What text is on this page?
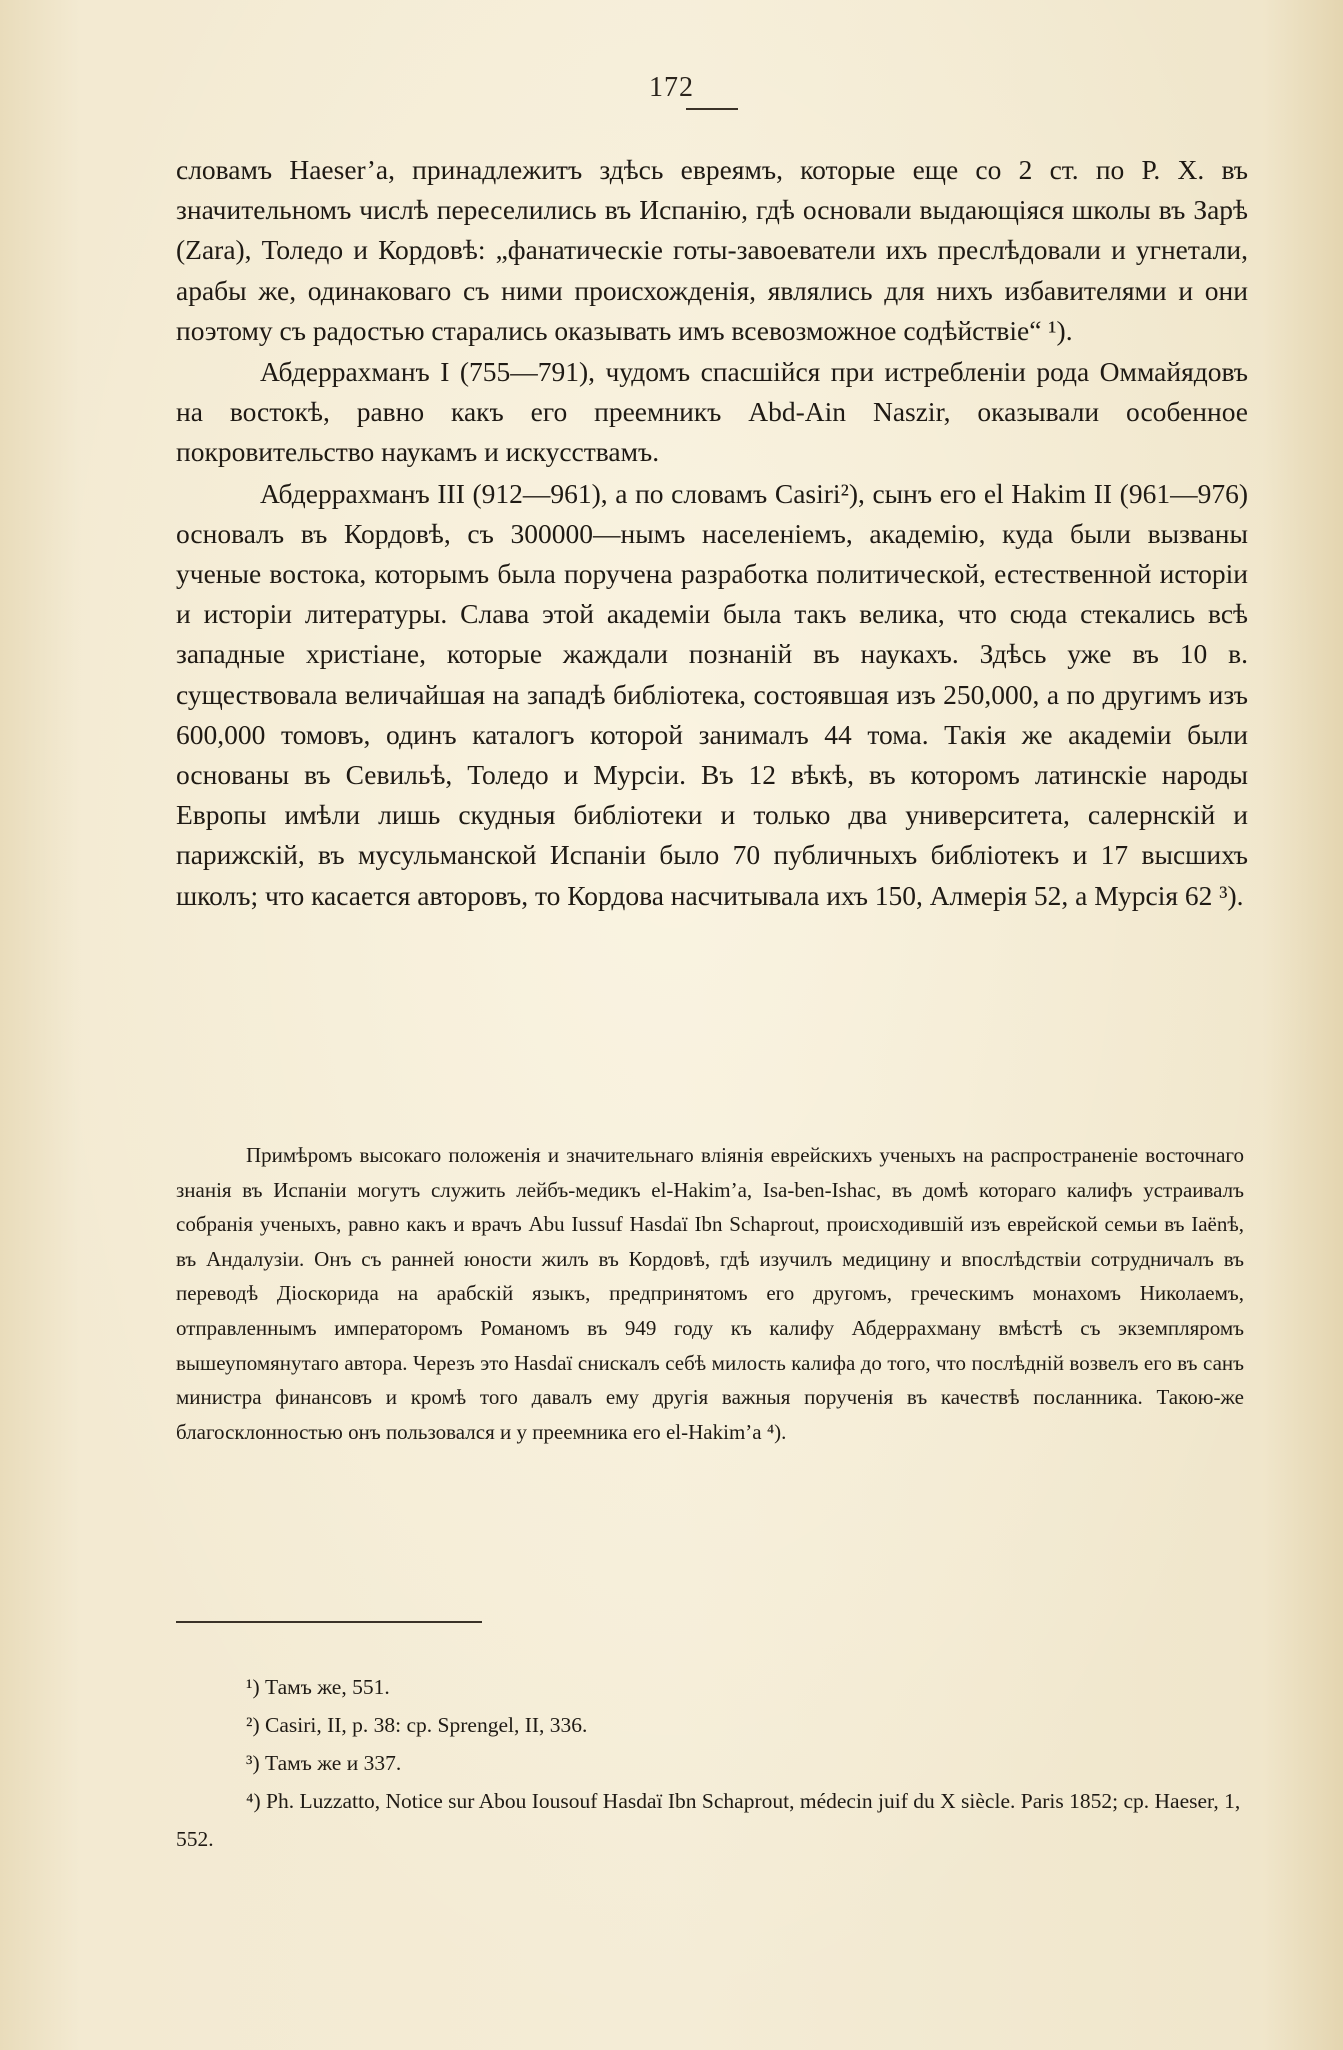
172

словамъ Haeser’a, принадлежитъ здѣсь евреямъ, которые еще со 2 ст. по Р. X. въ значительномъ числѣ переселились въ Испанію, гдѣ основали выдающіяся школы въ Зарѣ (Zara), Толедо и Кордовѣ: „фанатическіе готы-завоеватели ихъ преслѣдовали и угнетали, арабы же, одинаковаго съ ними происхожденія, являлись для нихъ избавителями и они поэтому съ радостью старались оказывать имъ всевозможное содѣйствіе“ ¹).

Абдеррахманъ I (755—791), чудомъ спасшійся при истребленіи рода Оммайядовъ на востокѣ, равно какъ его преемникъ Abd-Ain Naszir, оказывали особенное покровительство наукамъ и искусствамъ.

Абдеррахманъ III (912—961), а по словамъ Casiri²), сынъ его el Hakim II (961—976) основалъ въ Кордовѣ, съ 300000—нымъ населеніемъ, академію, куда были вызваны ученые востока, которымъ была поручена разработка политической, естественной исторіи и исторіи литературы. Слава этой академіи была такъ велика, что сюда стекались всѣ западные христіане, которые жаждали познаній въ наукахъ. Здѣсь уже въ 10 в. существовала величайшая на западѣ библіотека, состоявшая изъ 250,000, а по другимъ изъ 600,000 томовъ, одинъ каталогъ которой занималъ 44 тома. Такія же академіи были основаны въ Севильѣ, Толедо и Мурсіи. Въ 12 вѣкѣ, въ которомъ латинскіе народы Европы имѣли лишь скудныя библіотеки и только два университета, салернскій и парижскій, въ мусульманской Испаніи было 70 публичныхъ библіотекъ и 17 высшихъ школъ; что касается авторовъ, то Кордова насчитывала ихъ 150, Алмерія 52, а Мурсія 62 ³).

Примѣромъ высокаго положенія и значительнаго вліянія еврейскихъ ученыхъ на распространеніе восточнаго знанія въ Испаніи могутъ служить лейбъ-медикъ el-Hakim’a, Isa-ben-Ishac, въ домѣ котораго калифъ устраивалъ собранія ученыхъ, равно какъ и врачъ Abu Iussuf Hasdaï Ibn Schaprout, происходившій изъ еврейской семьи въ Iaënѣ, въ Андалузіи. Онъ съ ранней юности жилъ въ Кордовѣ, гдѣ изучилъ медицину и впослѣдствіи сотрудничалъ въ переводѣ Діоскорида на арабскій языкъ, предпринятомъ его другомъ, греческимъ монахомъ Николаемъ, отправленнымъ императоромъ Романомъ въ 949 году къ калифу Абдеррахману вмѣстѣ съ экземпляромъ вышеупомянутаго автора. Черезъ это Hasdaï снискалъ себѣ милость калифа до того, что послѣдній возвелъ его въ санъ министра финансовъ и кромѣ того давалъ ему другія важныя порученія въ качествѣ посланника. Такою-же благосклонностью онъ пользовался и у преемника его el-Hakim’a ⁴).

¹) Тамъ же, 551.

²) Casiri, II, p. 38: cp. Sprengel, II, 336.

³) Тамъ же и 337.

⁴) Ph. Luzzatto, Notice sur Abou Iousouf Hasdaï Ibn Schaprout, médecin juif du X siècle. Paris 1852; cp. Haeser, 1, 552.
